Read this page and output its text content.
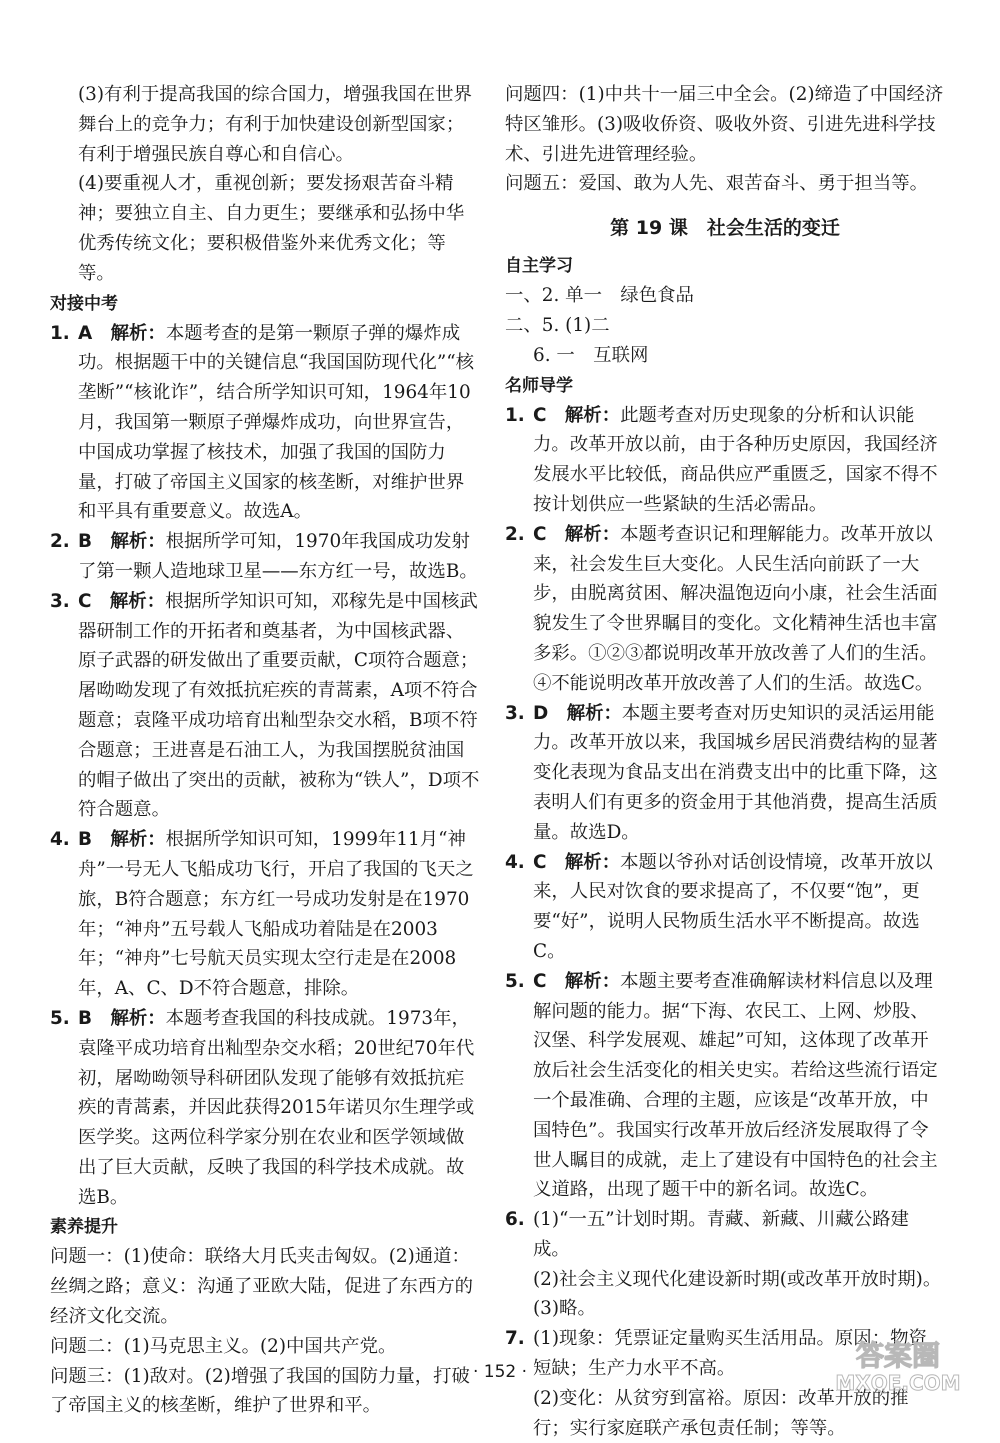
(3)有利于提高我国的综合国力，增强我国在世界舞台上的竞争力；有利于加快建设创新型国家；有利于增强民族自尊心和自信心。

(4)要重视人才，重视创新；要发扬艰苦奋斗精神；要独立自主、自力更生；要继承和弘扬中华优秀传统文化；要积极借鉴外来优秀文化；等等。

对接中考

1. A　 解析：本题考查的是第一颗原子弹的爆炸成功。根据题干中的关键信息“我国国防现代化”“核垄断”“核讹诈”，结合所学知识可知，1964年10月，我国第一颗原子弹爆炸成功，向世界宣告，中国成功掌握了核技术，加强了我国的国防力量，打破了帝国主义国家的核垄断，对维护世界和平具有重要意义。故选A。
2. B　 解析：根据所学可知，1970年我国成功发射了第一颗人造地球卫星——东方红一号，故选B。
3. C　 解析：根据所学知识可知，邓稼先是中国核武器研制工作的开拓者和奠基者，为中国核武器、原子武器的研发做出了重要贡献，C项符合题意；屠呦呦发现了有效抵抗疟疾的青蒿素，A项不符合题意；袁隆平成功培育出籼型杂交水稻，B项不符合题意；王进喜是石油工人，为我国摆脱贫油国的帽子做出了突出的贡献，被称为“铁人”，D项不符合题意。
4. B　 解析：根据所学知识可知，1999年11月“神舟”一号无人飞船成功飞行，开启了我国的飞天之旅，B符合题意；东方红一号成功发射是在1970年；“神舟”五号载人飞船成功着陆是在2003年；“神舟”七号航天员实现太空行走是在2008年，A、C、D不符合题意，排除。
5. B　 解析：本题考查我国的科技成就。1973年，袁隆平成功培育出籼型杂交水稻；20世纪70年代初，屠呦呦领导科研团队发现了能够有效抵抗疟疾的青蒿素，并因此获得2015年诺贝尔生理学或医学奖。这两位科学家分别在农业和医学领域做出了巨大贡献，反映了我国的科学技术成就。故选B。

素养提升

问题一：(1)使命：联络大月氏夹击匈奴。(2)通道：丝绸之路；意义：沟通了亚欧大陆，促进了东西方的经济文化交流。

问题二：(1)马克思主义。(2)中国共产党。

问题三：(1)敌对。(2)增强了我国的国防力量，打破了帝国主义的核垄断，维护了世界和平。

问题四：(1)中共十一届三中全会。(2)缔造了中国经济特区雏形。(3)吸收侨资、吸收外资、引进先进科学技术、引进先进管理经验。

问题五：爱国、敢为人先、艰苦奋斗、勇于担当等。

第 19 课　社会生活的变迁

自主学习

一、2. 单一　绿色食品

二、5. (1)二

6. 一　互联网

名师导学

1. C　 解析：此题考查对历史现象的分析和认识能力。改革开放以前，由于各种历史原因，我国经济发展水平比较低，商品供应严重匮乏，国家不得不按计划供应一些紧缺的生活必需品。
2. C　 解析：本题考查识记和理解能力。改革开放以来，社会发生巨大变化。人民生活向前跃了一大步，由脱离贫困、解决温饱迈向小康，社会生活面貌发生了令世界瞩目的变化。文化精神生活也丰富多彩。①②③都说明改革开放改善了人们的生活。④不能说明改革开放改善了人们的生活。故选C。
3. D　 解析：本题主要考查对历史知识的灵活运用能力。改革开放以来，我国城乡居民消费结构的显著变化表现为食品支出在消费支出中的比重下降，这表明人们有更多的资金用于其他消费，提高生活质量。故选D。
4. C　 解析：本题以爷孙对话创设情境，改革开放以来，人民对饮食的要求提高了，不仅要“饱”，更要“好”，说明人民物质生活水平不断提高。故选C。
5. C　 解析：本题主要考查准确解读材料信息以及理解问题的能力。据“下海、农民工、上网、炒股、汉堡、科学发展观、雄起”可知，这体现了改革开放后社会生活变化的相关史实。若给这些流行语定一个最准确、合理的主题，应该是“改革开放，中国特色”。我国实行改革开放后经济发展取得了令世人瞩目的成就，走上了建设有中国特色的社会主义道路，出现了题干中的新名词。故选C。
6. (1)“一五”计划时期。青藏、新藏、川藏公路建成。
(2)社会主义现代化建设新时期(或改革开放时期)。
(3)略。
7. (1)现象：凭票证定量购买生活用品。原因：物资短缺；生产力水平不高。
(2)变化：从贫穷到富裕。原因：改革开放的推行；实行家庭联产承包责任制；等等。
· 152 ·	答案圈
MXQE.COM
